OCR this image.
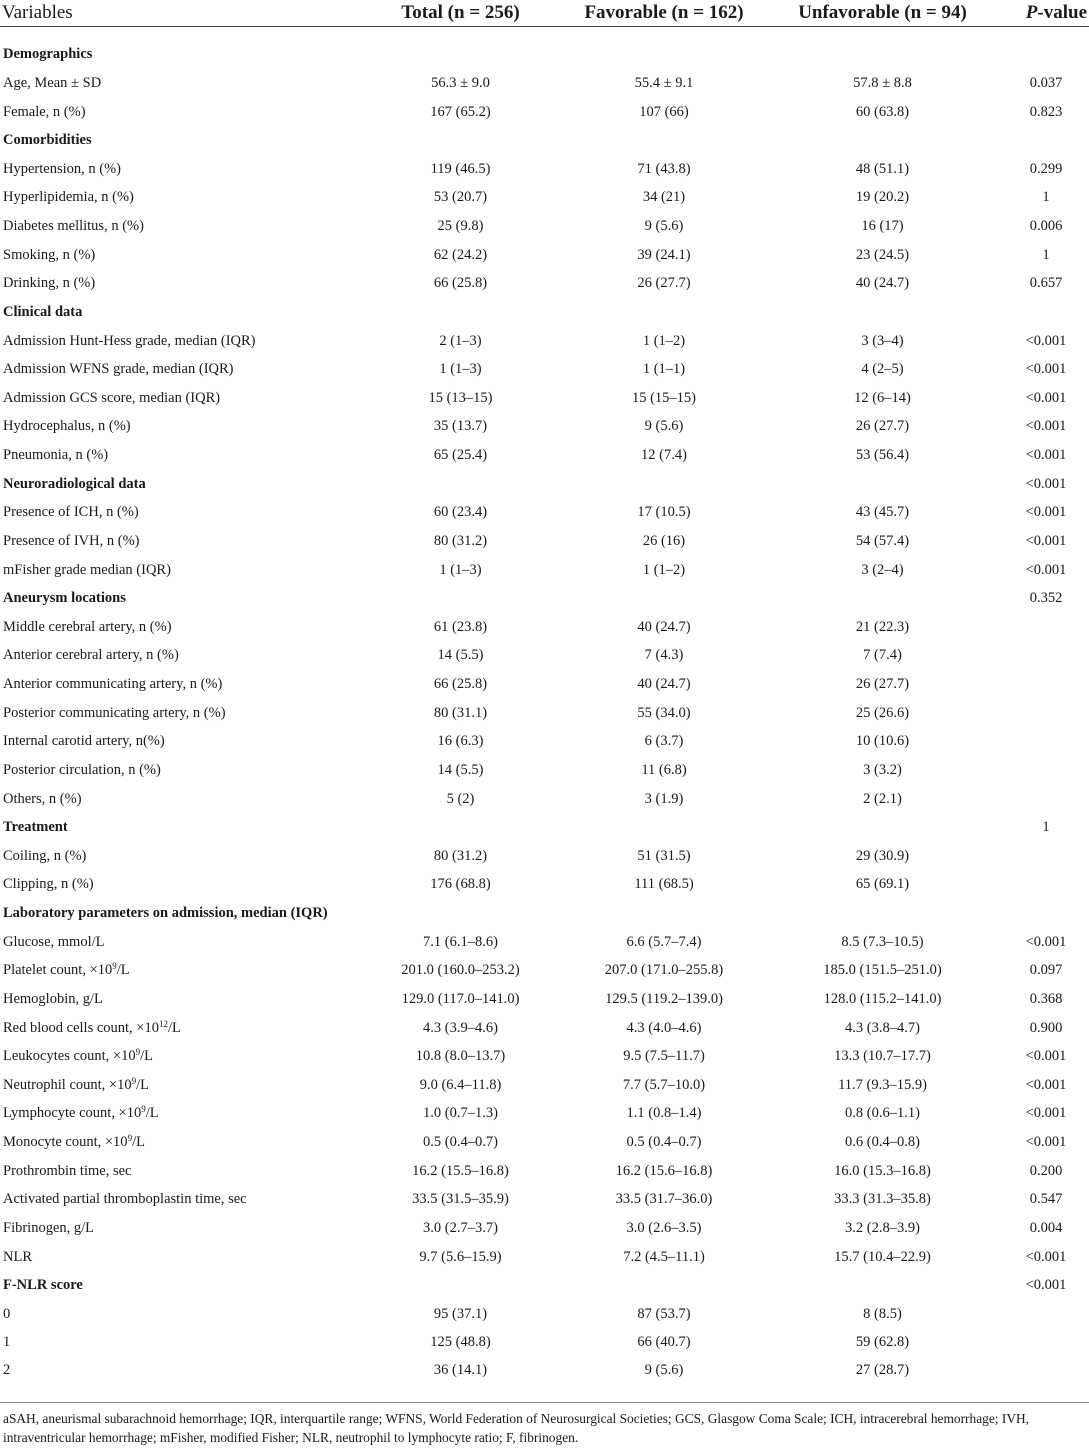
Variables	Total (n = 256)	Favorable (n = 162)	Unfavorable (n = 94)	P-value

Demographics				
Age, Mean ± SD	56.3 ± 9.0	55.4 ± 9.1	57.8 ± 8.8	0.037
Female, n (%)	167 (65.2)	107 (66)	60 (63.8)	0.823
Comorbidities				
Hypertension, n (%)	119 (46.5)	71 (43.8)	48 (51.1)	0.299
Hyperlipidemia, n (%)	53 (20.7)	34 (21)	19 (20.2)	1
Diabetes mellitus, n (%)	25 (9.8)	9 (5.6)	16 (17)	0.006
Smoking, n (%)	62 (24.2)	39 (24.1)	23 (24.5)	1
Drinking, n (%)	66 (25.8)	26 (27.7)	40 (24.7)	0.657
Clinical data				
Admission Hunt-Hess grade, median (IQR)	2 (1–3)	1 (1–2)	3 (3–4)	<0.001
Admission WFNS grade, median (IQR)	1 (1–3)	1 (1–1)	4 (2–5)	<0.001
Admission GCS score, median (IQR)	15 (13–15)	15 (15–15)	12 (6–14)	<0.001
Hydrocephalus, n (%)	35 (13.7)	9 (5.6)	26 (27.7)	<0.001
Pneumonia, n (%)	65 (25.4)	12 (7.4)	53 (56.4)	<0.001
Neuroradiological data				<0.001
Presence of ICH, n (%)	60 (23.4)	17 (10.5)	43 (45.7)	<0.001
Presence of IVH, n (%)	80 (31.2)	26 (16)	54 (57.4)	<0.001
mFisher grade median (IQR)	1 (1–3)	1 (1–2)	3 (2–4)	<0.001
Aneurysm locations				0.352
Middle cerebral artery, n (%)	61 (23.8)	40 (24.7)	21 (22.3)	
Anterior cerebral artery, n (%)	14 (5.5)	7 (4.3)	7 (7.4)	
Anterior communicating artery, n (%)	66 (25.8)	40 (24.7)	26 (27.7)	
Posterior communicating artery, n (%)	80 (31.1)	55 (34.0)	25 (26.6)	
Internal carotid artery, n(%)	16 (6.3)	6 (3.7)	10 (10.6)	
Posterior circulation, n (%)	14 (5.5)	11 (6.8)	3 (3.2)	
Others, n (%)	5 (2)	3 (1.9)	2 (2.1)	
Treatment				1
Coiling, n (%)	80 (31.2)	51 (31.5)	29 (30.9)	
Clipping, n (%)	176 (68.8)	111 (68.5)	65 (69.1)	
Laboratory parameters on admission, median (IQR)				
Glucose, mmol/L	7.1 (6.1–8.6)	6.6 (5.7–7.4)	8.5 (7.3–10.5)	<0.001
Platelet count, $\times 10^9/L$	201.0 (160.0–253.2)	207.0 (171.0–255.8)	185.0 (151.5–251.0)	0.097
Hemoglobin, g/L	129.0 (117.0–141.0)	129.5 (119.2–139.0)	128.0 (115.2–141.0)	0.368
Red blood cells count, $\times 10^{12}/L$	4.3 (3.9–4.6)	4.3 (4.0–4.6)	4.3 (3.8–4.7)	0.900
Leukocytes count, $\times 10^9/L$	10.8 (8.0–13.7)	9.5 (7.5–11.7)	13.3 (10.7–17.7)	<0.001
Neutrophil count, $\times 10^9/L$	9.0 (6.4–11.8)	7.7 (5.7–10.0)	11.7 (9.3–15.9)	<0.001
Lymphocyte count, $\times 10^9/L$	1.0 (0.7–1.3)	1.1 (0.8–1.4)	0.8 (0.6–1.1)	<0.001
Monocyte count, $\times 10^9/L$	0.5 (0.4–0.7)	0.5 (0.4–0.7)	0.6 (0.4–0.8)	<0.001
Prothrombin time, sec	16.2 (15.5–16.8)	16.2 (15.6–16.8)	16.0 (15.3–16.8)	0.200
Activated partial thromboplastin time, sec	33.5 (31.5–35.9)	33.5 (31.7–36.0)	33.3 (31.3–35.8)	0.547
Fibrinogen, g/L	3.0 (2.7–3.7)	3.0 (2.6–3.5)	3.2 (2.8–3.9)	0.004
NLR	9.7 (5.6–15.9)	7.2 (4.5–11.1)	15.7 (10.4–22.9)	<0.001
F-NLR score				<0.001
0	95 (37.1)	87 (53.7)	8 (8.5)	
1	125 (48.8)	66 (40.7)	59 (62.8)	
2	36 (14.1)	9 (5.6)	27 (28.7)	

aSAH, aneurismal subarachnoid hemorrhage; IQR, interquartile range; WFNS, World Federation of Neurosurgical Societies; GCS, Glasgow Coma Scale; ICH, intracerebral hemorrhage; IVH, intraventricular hemorrhage; mFisher, modified Fisher; NLR, neutrophil to lymphocyte ratio; F, fibrinogen.
